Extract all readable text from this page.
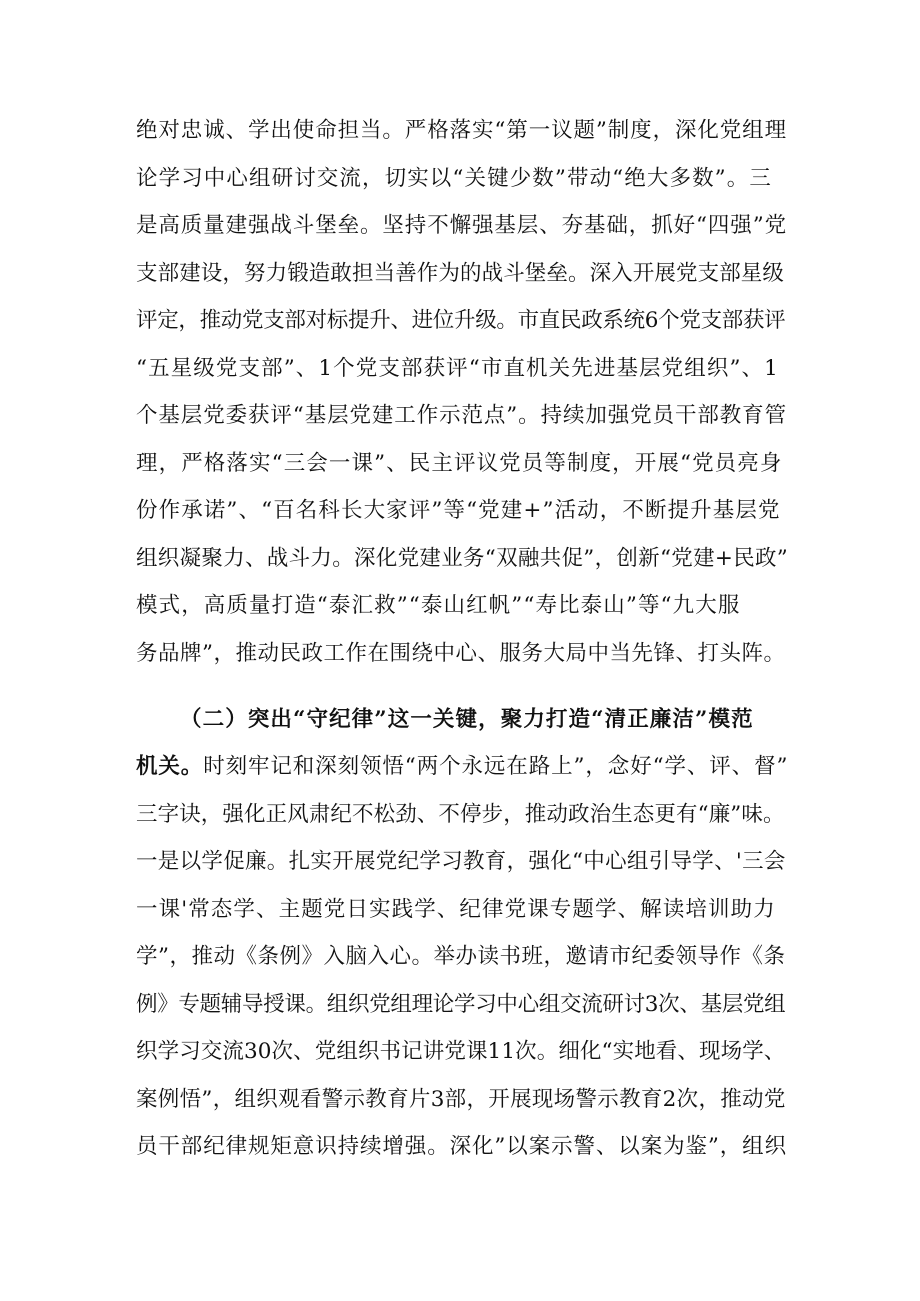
绝对忠诚、学出使命担当。严格落实“第一议题”制度，深化党组理
论学习中心组研讨交流，切实以“关键少数”带动“绝大多数”。三
是高质量建强战斗堡垒。坚持不懈强基层、夯基础，抓好“四强”党
支部建设，努力锻造敢担当善作为的战斗堡垒。深入开展党支部星级
评定，推动党支部对标提升、进位升级。市直民政系统6个党支部获评
“五星级党支部”、1个党支部获评“市直机关先进基层党组织”、1
个基层党委获评“基层党建工作示范点”。持续加强党员干部教育管
理，严格落实“三会一课”、民主评议党员等制度，开展“党员亮身
份作承诺”、“百名科长大家评”等“党建+”活动，不断提升基层党
组织凝聚力、战斗力。深化党建业务“双融共促”，创新“党建+民政”
模式，高质量打造“泰汇救”“泰山红帆”“寿比泰山”等“九大服
务品牌”，推动民政工作在围绕中心、服务大局中当先锋、打头阵。
（二）突出“守纪律”这一关键，聚力打造“清正廉洁”模范
机关。时刻牢记和深刻领悟“两个永远在路上”，念好“学、评、督”
三字诀，强化正风肃纪不松劲、不停步，推动政治生态更有“廉”味。
一是以学促廉。扎实开展党纪学习教育，强化“中心组引导学、'三会
一课'常态学、主题党日实践学、纪律党课专题学、解读培训助力
学”，推动《条例》入脑入心。举办读书班，邀请市纪委领导作《条
例》专题辅导授课。组织党组理论学习中心组交流研讨3次、基层党组
织学习交流30次、党组织书记讲党课11次。细化“实地看、现场学、
案例悟”，组织观看警示教育片3部，开展现场警示教育2次，推动党
员干部纪律规矩意识持续增强。深化”以案示警、以案为鉴”，组织
